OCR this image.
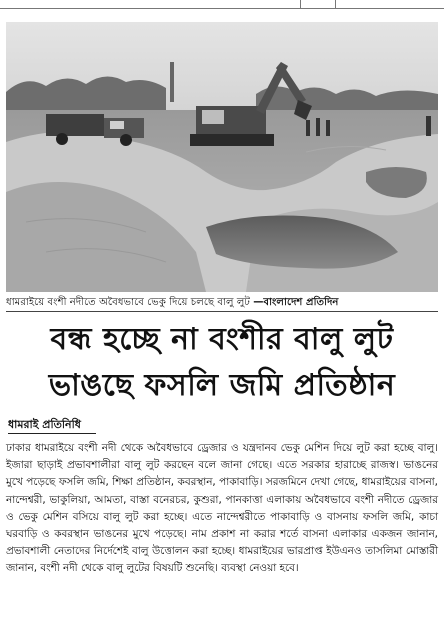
ধামরাইয়ে বংশী নদীতে অবৈধভাবে ভেকু দিয়ে চলছে বালু লুট —বাংলাদেশ প্রতিদিন
বন্ধ হচ্ছে না বংশীর বালু লুট
ভাঙছে ফসলি জমি প্রতিষ্ঠান
ধামরাই প্রতিনিধি
ঢাকার ধামরাইয়ে বংশী নদী থেকে অবৈধভাবে ড্রেজার ও যন্ত্রদানব ভেকু মেশিন দিয়ে লুট করা হচ্ছে বালু। ইজারা ছাড়াই প্রভাবশালীরা বালু লুট করছেন বলে জানা গেছে। এতে সরকার হারাচ্ছে রাজস্ব। ভাঙনের মুখে পড়েছে ফসলি জমি, শিক্ষা প্রতিষ্ঠান, কবরস্থান, পাকাবাড়ি। সরজমিনে দেখা গেছে, ধামরাইয়ের বাসনা, নান্দেশ্বরী, ভাকুলিয়া, আমতা, বাস্তা বনেরচর, কুশুরা, পানকাত্তা এলাকায় অবৈধভাবে বংশী নদীতে ড্রেজার ও ভেকু মেশিন বসিয়ে বালু লুট করা হচ্ছে। এতে নান্দেশ্বরীতে পাকাবাড়ি ও বাসনায় ফসলি জমি, কাচা ঘরবাড়ি ও কবরস্থান ভাঙনের মুখে পড়েছে। নাম প্রকাশ না করার শর্তে বাসনা এলাকার একজন জানান, প্রভাবশালী নেতাদের নির্দেশেই বালু উত্তোলন করা হচ্ছে। ধামরাইয়ের ভারপ্রাপ্ত ইউএনও তাসলিমা মোস্তারী জানান, বংশী নদী থেকে বালু লুটের বিষয়টি শুনেছি। ব্যবস্থা নেওয়া হবে।
